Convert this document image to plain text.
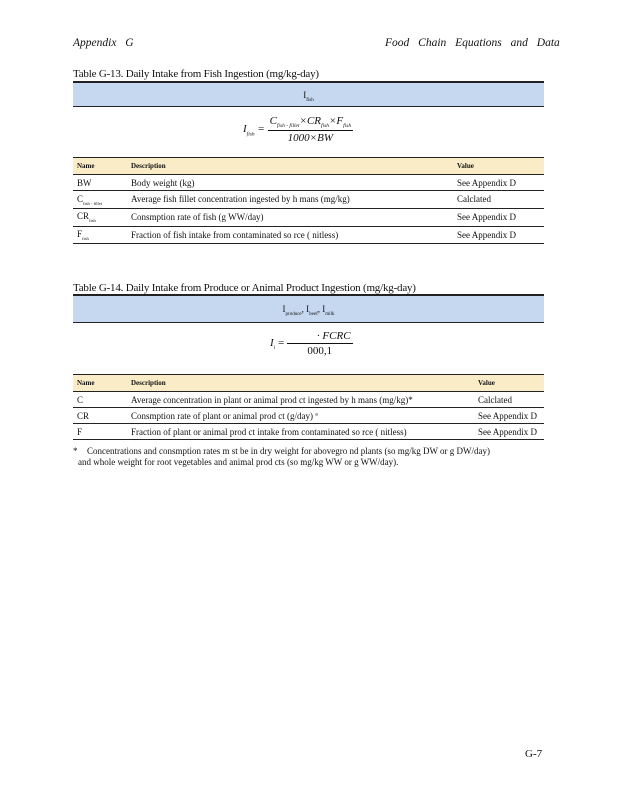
Appendix G	Food Chain Equations and Data
Table G-13. Daily Intake from Fish Ingestion (mg/kg-day)
$I_{fish}$
$I_{fish} = \frac{C_{fish - fillet}\times CR_{fish}\times F_{fish}}{1000\times BW}$
Name	Description	Value
BW	Body weight (kg)	See Appendix D
$C_{fish - fillet}$	Average fish fillet concentration ingested by h mans (mg/kg)	Calclated
$CR_{fish}$	Consmption rate of fish (g WW/day)	See Appendix D
$F_{fish}$	Fraction of fish intake from contaminated so rce ( nitless)	See Appendix D
Table G-14. Daily Intake from Produce or Animal Product Ingestion (mg/kg-day)
$I_{produce}$, $I_{beef}$, $I_{milk}$
$I_i = \frac{\text{· FCRC}}{000,1}$
Name	Description	Value
C	Average concentration in plant or animal prod ct ingested by h mans (mg/kg)*	Calclated
CR	Consmption rate of plant or animal prod ct (g/day) ª	See Appendix D
F	Fraction of plant or animal prod ct intake from contaminated so rce ( nitless)	See Appendix D
* Concentrations and consmption rates m st be in dry weight for abovegro nd plants (so mg/kg DW or g DW/day)
and whole weight for root vegetables and animal prod cts (so mg/kg WW or g WW/day).
G-7
